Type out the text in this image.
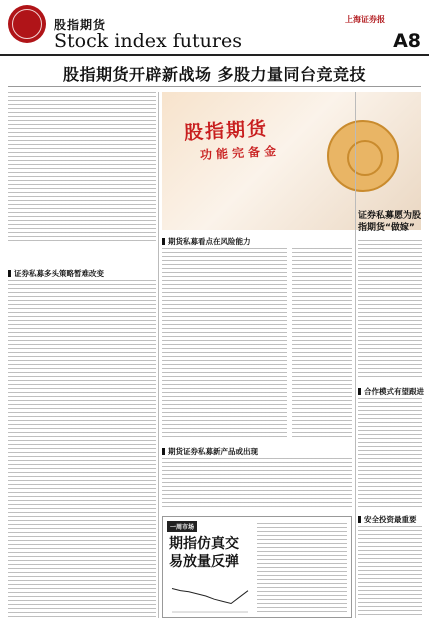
股指期货
Stock index futures
上海证券报
A8
股指期货开辟新战场 多股力量同台竞竞技
股指期货
功能完备金
证券私募多头策略暂难改变
期货私募看点在风险能力
期货证券私募新产品或出现
一周市场
期指仿真交易放量反弹
证券私募愿为股指期货“做嫁”
合作模式有望跟进
安全投资最重要
